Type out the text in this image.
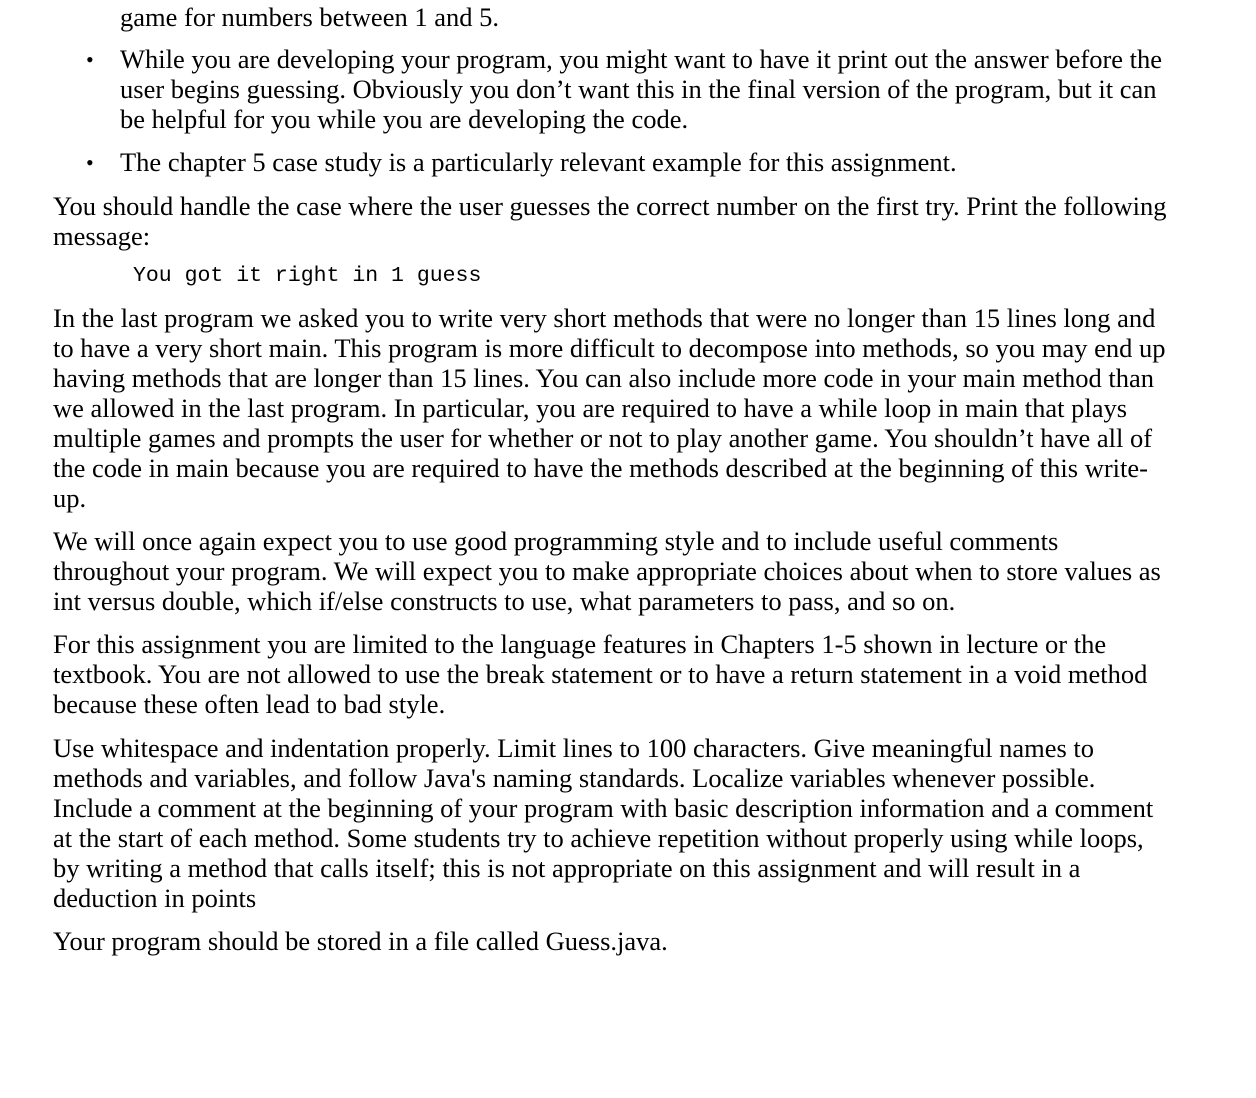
game for numbers between 1 and 5.
• While you are developing your program, you might want to have it print out the answer before the
user begins guessing. Obviously you don’t want this in the final version of the program, but it can
be helpful for you while you are developing the code.
• The chapter 5 case study is a particularly relevant example for this assignment.
You should handle the case where the user guesses the correct number on the first try. Print the following
message:
You got it right in 1 guess
In the last program we asked you to write very short methods that were no longer than 15 lines long and
to have a very short main. This program is more difficult to decompose into methods, so you may end up
having methods that are longer than 15 lines. You can also include more code in your main method than
we allowed in the last program. In particular, you are required to have a while loop in main that plays
multiple games and prompts the user for whether or not to play another game. You shouldn’t have all of
the code in main because you are required to have the methods described at the beginning of this write-
up.
We will once again expect you to use good programming style and to include useful comments
throughout your program. We will expect you to make appropriate choices about when to store values as
int versus double, which if/else constructs to use, what parameters to pass, and so on.
For this assignment you are limited to the language features in Chapters 1-5 shown in lecture or the
textbook. You are not allowed to use the break statement or to have a return statement in a void method
because these often lead to bad style.
Use whitespace and indentation properly. Limit lines to 100 characters. Give meaningful names to
methods and variables, and follow Java's naming standards. Localize variables whenever possible.
Include a comment at the beginning of your program with basic description information and a comment
at the start of each method. Some students try to achieve repetition without properly using while loops,
by writing a method that calls itself; this is not appropriate on this assignment and will result in a
deduction in points
Your program should be stored in a file called Guess.java.
